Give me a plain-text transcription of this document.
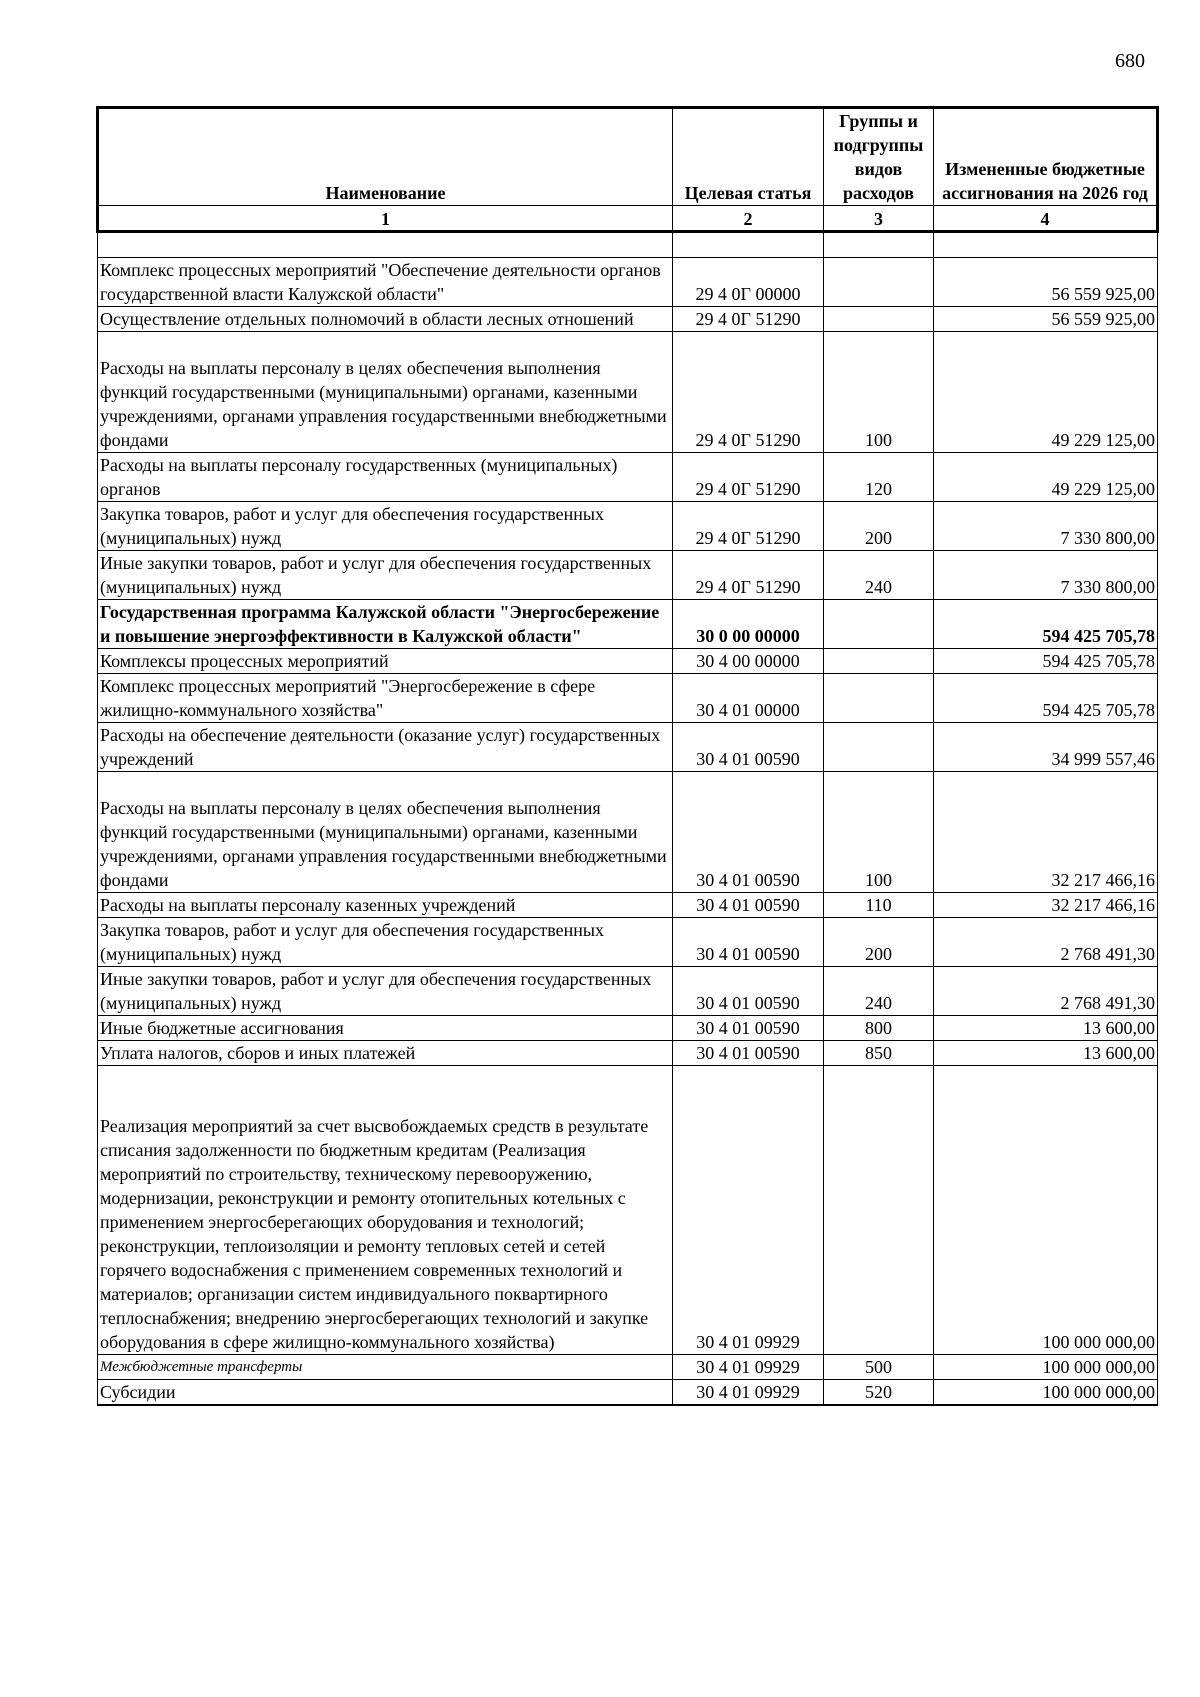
680
Наименование	Целевая статья	Группы и подгруппы видов расходов	Измененные бюджетные ассигнования на 2026 год
1	2	3	4

Комплекс процессных мероприятий "Обеспечение деятельности органов государственной власти Калужской области"	29 4 0Г 00000		56 559 925,00
Осуществление отдельных полномочий в области лесных отношений	29 4 0Г 51290		56 559 925,00
Расходы на выплаты персоналу в целях обеспечения выполнения функций государственными (муниципальными) органами, казенными учреждениями, органами управления государственными внебюджетными фондами	29 4 0Г 51290	100	49 229 125,00
Расходы на выплаты персоналу государственных (муниципальных) органов	29 4 0Г 51290	120	49 229 125,00
Закупка товаров, работ и услуг для обеспечения государственных (муниципальных) нужд	29 4 0Г 51290	200	7 330 800,00
Иные закупки товаров, работ и услуг для обеспечения государственных (муниципальных) нужд	29 4 0Г 51290	240	7 330 800,00
Государственная программа Калужской области "Энергосбережение и повышение энергоэффективности в Калужской области"	30 0 00 00000		594 425 705,78
Комплексы процессных мероприятий	30 4 00 00000		594 425 705,78
Комплекс процессных мероприятий "Энергосбережение в сфере жилищно-коммунального хозяйства"	30 4 01 00000		594 425 705,78
Расходы на обеспечение деятельности (оказание услуг) государственных учреждений	30 4 01 00590		34 999 557,46
Расходы на выплаты персоналу в целях обеспечения выполнения функций государственными (муниципальными) органами, казенными учреждениями, органами управления государственными внебюджетными фондами	30 4 01 00590	100	32 217 466,16
Расходы на выплаты персоналу казенных учреждений	30 4 01 00590	110	32 217 466,16
Закупка товаров, работ и услуг для обеспечения государственных (муниципальных) нужд	30 4 01 00590	200	2 768 491,30
Иные закупки товаров, работ и услуг для обеспечения государственных (муниципальных) нужд	30 4 01 00590	240	2 768 491,30
Иные бюджетные ассигнования	30 4 01 00590	800	13 600,00
Уплата налогов, сборов и иных платежей	30 4 01 00590	850	13 600,00
Реализация мероприятий за счет высвобождаемых средств в результате списания задолженности по бюджетным кредитам (Реализация мероприятий по строительству, техническому перевооружению, модернизации, реконструкции и ремонту отопительных котельных с применением энергосберегающих оборудования и технологий; реконструкции, теплоизоляции и ремонту тепловых сетей и сетей горячего водоснабжения с применением современных технологий и материалов; организации систем индивидуального поквартирного теплоснабжения; внедрению энергосберегающих технологий и закупке оборудования в сфере жилищно-коммунального хозяйства)	30 4 01 09929		100 000 000,00
Межбюджетные трансферты	30 4 01 09929	500	100 000 000,00
Субсидии	30 4 01 09929	520	100 000 000,00
